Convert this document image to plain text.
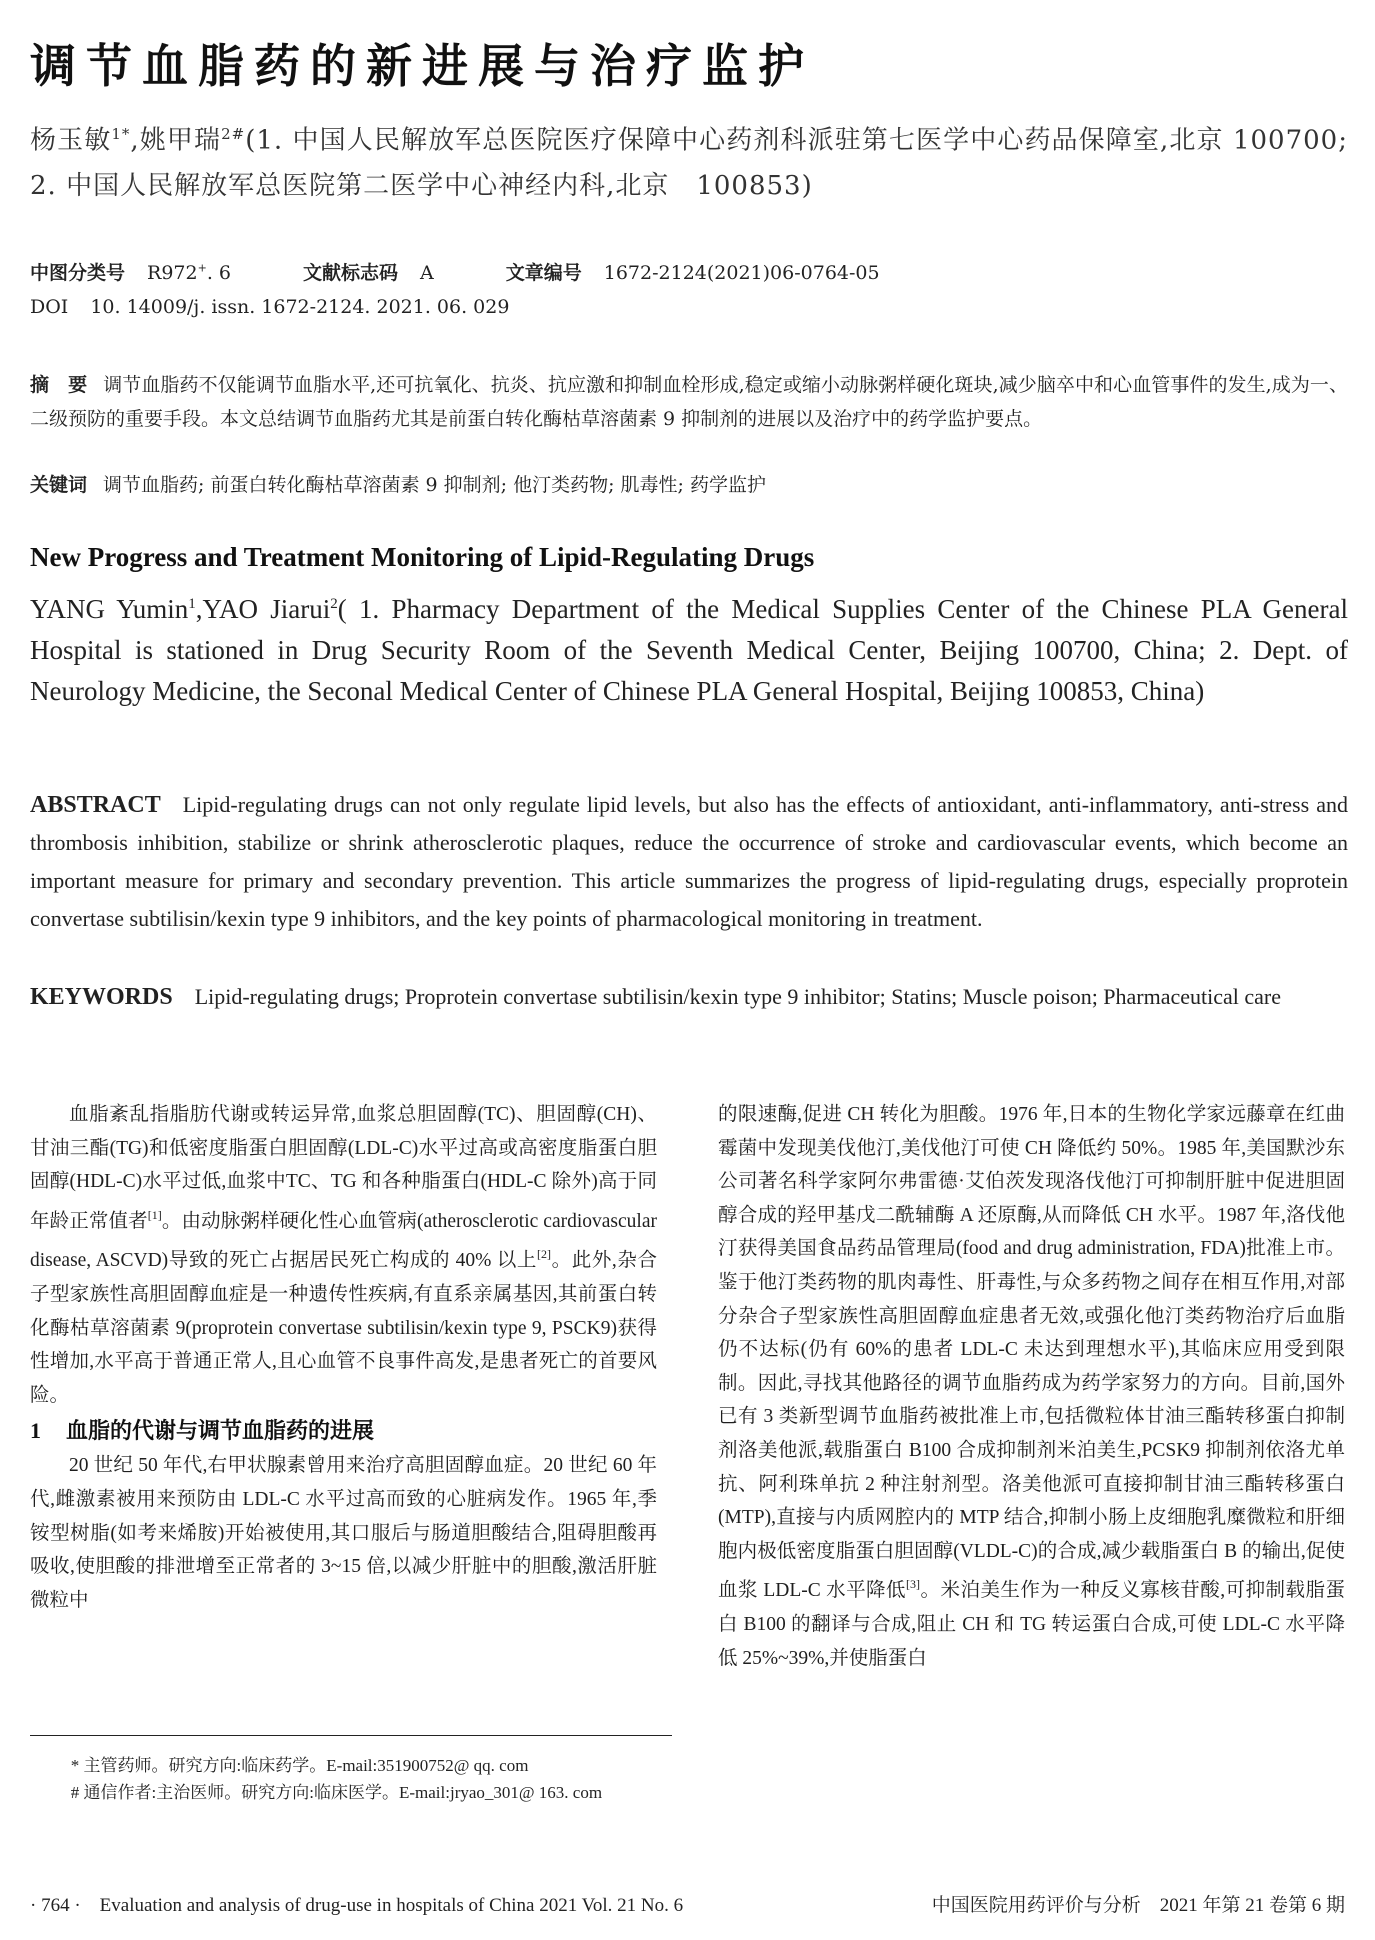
调节血脂药的新进展与治疗监护
杨玉敏$^{1*}$,姚甲瑞$^{2\#}$(1. 中国人民解放军总医院医疗保障中心药剂科派驻第七医学中心药品保障室,北京 100700; 2. 中国人民解放军总医院第二医学中心神经内科,北京　100853)
中图分类号 R972+. 6	文献标志码 A	文章编号 1672-2124(2021)06-0764-05
DOI 10. 14009/j. issn. 1672-2124. 2021. 06. 029
摘　要 调节血脂药不仅能调节血脂水平,还可抗氧化、抗炎、抗应激和抑制血栓形成,稳定或缩小动脉粥样硬化斑块,减少脑卒中和心血管事件的发生,成为一、二级预防的重要手段。本文总结调节血脂药尤其是前蛋白转化酶枯草溶菌素 9 抑制剂的进展以及治疗中的药学监护要点。
关键词 调节血脂药; 前蛋白转化酶枯草溶菌素 9 抑制剂; 他汀类药物; 肌毒性; 药学监护
New Progress and Treatment Monitoring of Lipid-Regulating Drugs
YANG Yumin$^1$,YAO Jiarui$^2$( 1. Pharmacy Department of the Medical Supplies Center of the Chinese PLA General Hospital is stationed in Drug Security Room of the Seventh Medical Center, Beijing 100700, China; 2. Dept. of Neurology Medicine, the Seconal Medical Center of Chinese PLA General Hospital, Beijing 100853, China)
ABSTRACT Lipid-regulating drugs can not only regulate lipid levels, but also has the effects of antioxidant, anti-inflammatory, anti-stress and thrombosis inhibition, stabilize or shrink atherosclerotic plaques, reduce the occurrence of stroke and cardiovascular events, which become an important measure for primary and secondary prevention. This article summarizes the progress of lipid-regulating drugs, especially proprotein convertase subtilisin/kexin type 9 inhibitors, and the key points of pharmacological monitoring in treatment.
KEYWORDS Lipid-regulating drugs; Proprotein convertase subtilisin/kexin type 9 inhibitor; Statins; Muscle poison; Pharmaceutical care

血脂紊乱指脂肪代谢或转运异常,血浆总胆固醇(TC)、胆固醇(CH)、甘油三酯(TG)和低密度脂蛋白胆固醇(LDL-C)水平过高或高密度脂蛋白胆固醇(HDL-C)水平过低,血浆中TC、TG 和各种脂蛋白(HDL-C 除外)高于同年龄正常值者[1]。由动脉粥样硬化性心血管病(atherosclerotic cardiovascular disease, ASCVD)导致的死亡占据居民死亡构成的 40% 以上[2]。此外,杂合子型家族性高胆固醇血症是一种遗传性疾病,有直系亲属基因,其前蛋白转化酶枯草溶菌素 9(proprotein convertase subtilisin/kexin type 9, PSCK9)获得性增加,水平高于普通正常人,且心血管不良事件高发,是患者死亡的首要风险。

1 血脂的代谢与调节血脂药的进展

20 世纪 50 年代,右甲状腺素曾用来治疗高胆固醇血症。20 世纪 60 年代,雌激素被用来预防由 LDL-C 水平过高而致的心脏病发作。1965 年,季铵型树脂(如考来烯胺)开始被使用,其口服后与肠道胆酸结合,阻碍胆酸再吸收,使胆酸的排泄增至正常者的 3~15 倍,以减少肝脏中的胆酸,激活肝脏微粒中

* 主管药师。研究方向:临床药学。E-mail:351900752@ qq. com

# 通信作者:主治医师。研究方向:临床医学。E-mail:jryao_301@ 163. com

的限速酶,促进 CH 转化为胆酸。1976 年,日本的生物化学家远藤章在红曲霉菌中发现美伐他汀,美伐他汀可使 CH 降低约 50%。1985 年,美国默沙东公司著名科学家阿尔弗雷德·艾伯茨发现洛伐他汀可抑制肝脏中促进胆固醇合成的羟甲基戊二酰辅酶 A 还原酶,从而降低 CH 水平。1987 年,洛伐他汀获得美国食品药品管理局(food and drug administration, FDA)批准上市。鉴于他汀类药物的肌肉毒性、肝毒性,与众多药物之间存在相互作用,对部分杂合子型家族性高胆固醇血症患者无效,或强化他汀类药物治疗后血脂仍不达标(仍有 60%的患者 LDL-C 未达到理想水平),其临床应用受到限制。因此,寻找其他路径的调节血脂药成为药学家努力的方向。目前,国外已有 3 类新型调节血脂药被批准上市,包括微粒体甘油三酯转移蛋白抑制剂洛美他派,载脂蛋白 B100 合成抑制剂米泊美生,PCSK9 抑制剂依洛尤单抗、阿利珠单抗 2 种注射剂型。洛美他派可直接抑制甘油三酯转移蛋白(MTP),直接与内质网腔内的 MTP 结合,抑制小肠上皮细胞乳糜微粒和肝细胞内极低密度脂蛋白胆固醇(VLDL-C)的合成,减少载脂蛋白 B 的输出,促使血浆 LDL-C 水平降低[3]。米泊美生作为一种反义寡核苷酸,可抑制载脂蛋白 B100 的翻译与合成,阻止 CH 和 TG 转运蛋白合成,可使 LDL-C 水平降低 25%~39%,并使脂蛋白

· 764 ·　Evaluation and analysis of drug-use in hospitals of China 2021 Vol. 21 No. 6	中国医院用药评价与分析　2021 年第 21 卷第 6 期
